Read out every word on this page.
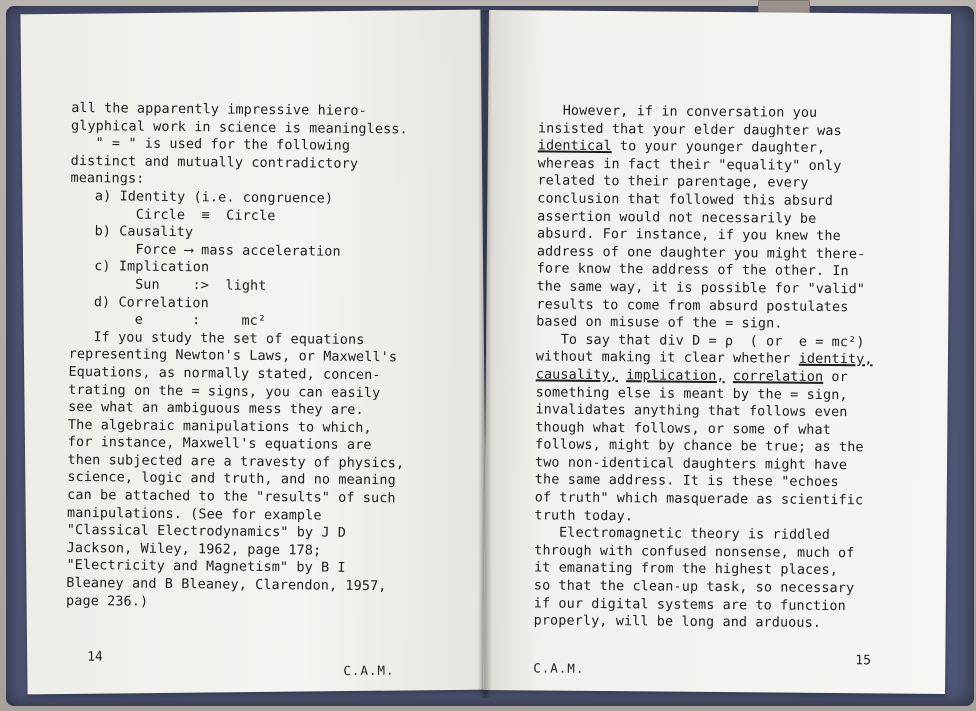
all the apparently impressive hiero-
glyphical work in science is meaningless.
" = " is used for the following
distinct and mutually contradictory
meanings:
a) Identity (i.e. congruence)
Circle  ≡  Circle
b) Causality
Force ⟶ mass acceleration
c) Implication
Sun    :>  light
d) Correlation
e      :     mc²
If you study the set of equations
representing Newton's Laws, or Maxwell's
Equations, as normally stated, concen-
trating on the = signs, you can easily
see what an ambiguous mess they are.
The algebraic manipulations to which,
for instance, Maxwell's equations are
then subjected are a travesty of physics,
science, logic and truth, and no meaning
can be attached to the "results" of such
manipulations. (See for example
"Classical Electrodynamics" by J D
Jackson, Wiley, 1962, page 178;
"Electricity and Magnetism" by B I
Bleaney and B Bleaney, Clarendon, 1957,
page 236.)
14
C.A.M.
However, if in conversation you
insisted that your elder daughter was
identical to your younger daughter,
whereas in fact their "equality" only
related to their parentage, every
conclusion that followed this absurd
assertion would not necessarily be
absurd. For instance, if you knew the
address of one daughter you might there-
fore know the address of the other. In
the same way, it is possible for "valid"
results to come from absurd postulates
based on misuse of the = sign.
To say that div D = ρ  ( or  e = mc²)
without making it clear whether identity,
causality, implication, correlation or
something else is meant by the = sign,
invalidates anything that follows even
though what follows, or some of what
follows, might by chance be true; as the
two non-identical daughters might have
the same address. It is these "echoes
of truth" which masquerade as scientific
truth today.
Electromagnetic theory is riddled
through with confused nonsense, much of
it emanating from the highest places,
so that the clean-up task, so necessary
if our digital systems are to function
properly, will be long and arduous.
C.A.M.	15
